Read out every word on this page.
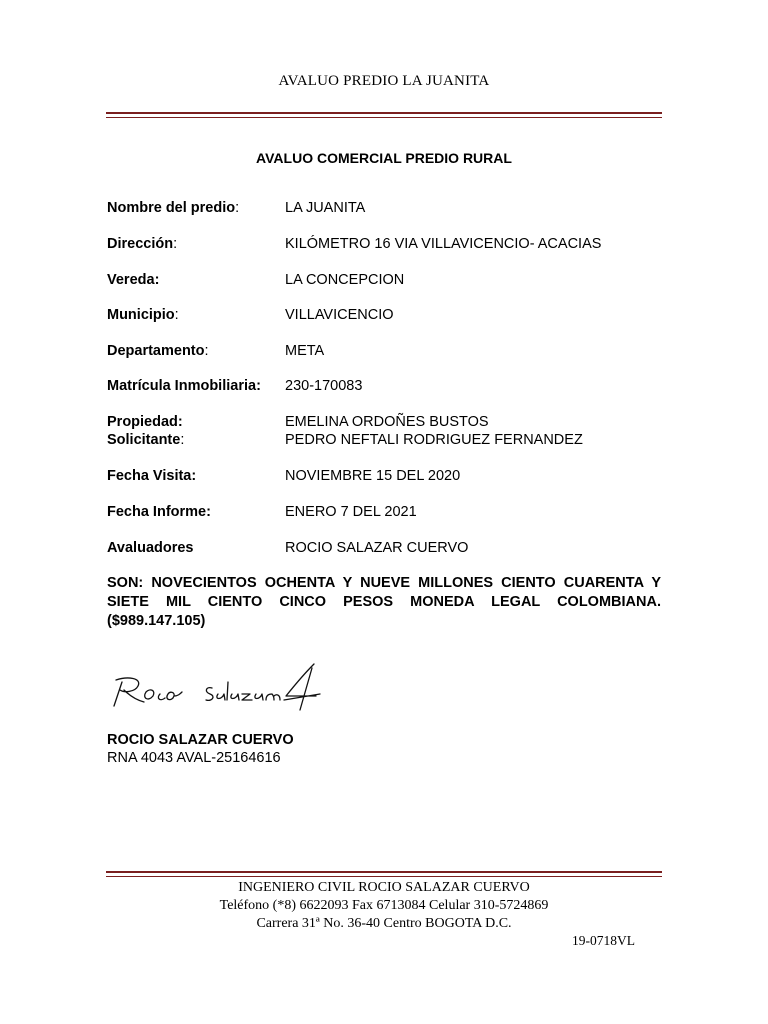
AVALUO PREDIO LA JUANITA
AVALUO COMERCIAL PREDIO RURAL
Nombre del predio:	LA JUANITA
Dirección:	KILÓMETRO 16 VIA VILLAVICENCIO- ACACIAS
Vereda:	LA CONCEPCION
Municipio:	VILLAVICENCIO
Departamento:	META
Matrícula Inmobiliaria: 230-170083
Propiedad:	EMELINA ORDOÑES BUSTOS
Solicitante:	PEDRO NEFTALI RODRIGUEZ FERNANDEZ
Fecha Visita:	NOVIEMBRE 15 DEL 2020
Fecha Informe:	ENERO 7 DEL 2021
Avaluadores	ROCIO SALAZAR CUERVO
SON: NOVECIENTOS OCHENTA Y NUEVE MILLONES CIENTO CUARENTA Y SIETE MIL CIENTO CINCO PESOS MONEDA LEGAL COLOMBIANA.($989.147.105)
ROCIO SALAZAR CUERVO
RNA 4043 AVAL-25164616
INGENIERO CIVIL ROCIO SALAZAR CUERVO
Teléfono (*8) 6622093 Fax 6713084 Celular 310-5724869
Carrera 31ª No. 36-40 Centro BOGOTA D.C.
19-0718VL
